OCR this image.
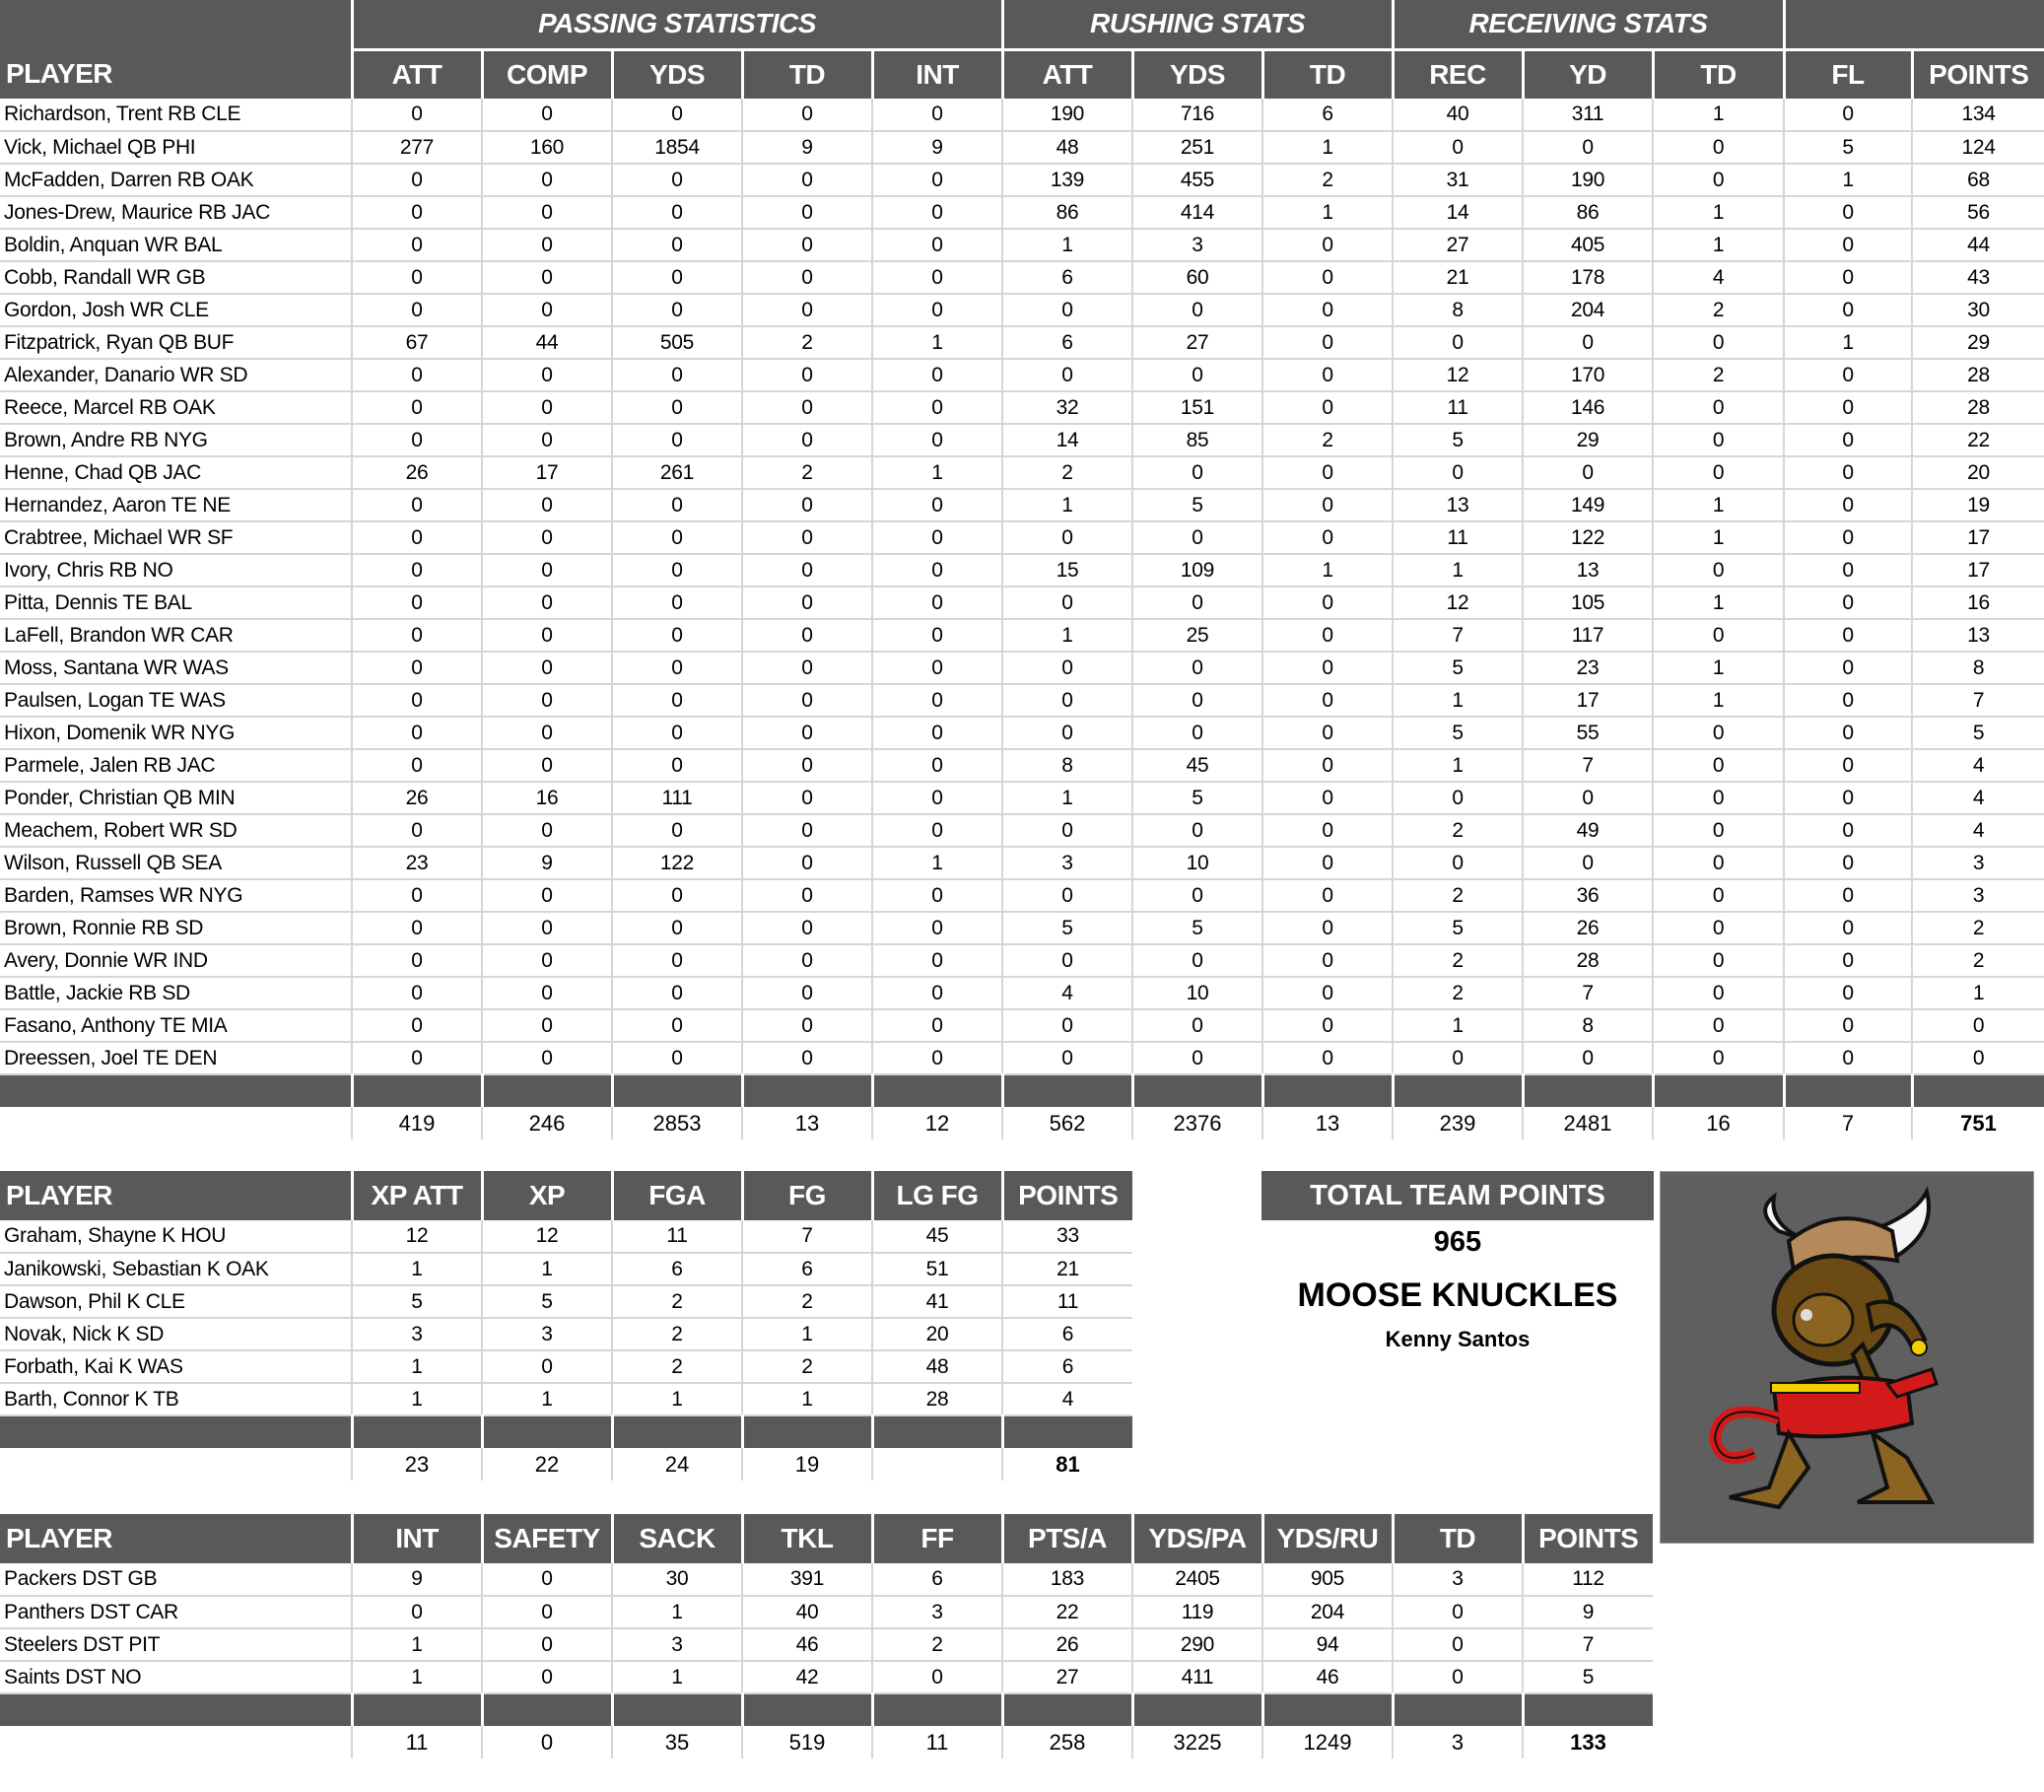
	PASSING STATISTICS					RUSHING STATS			RECEIVING STATS				
PLAYER	ATT	COMP	YDS	TD	INT	ATT	YDS	TD	REC	YD	TD	FL	POINTS
Richardson, Trent RB CLE	0	0	0	0	0	190	716	6	40	311	1	0	134
Vick, Michael QB PHI	277	160	1854	9	9	48	251	1	0	0	0	5	124
McFadden, Darren RB OAK	0	0	0	0	0	139	455	2	31	190	0	1	68
Jones-Drew, Maurice RB JAC	0	0	0	0	0	86	414	1	14	86	1	0	56
Boldin, Anquan WR BAL	0	0	0	0	0	1	3	0	27	405	1	0	44
Cobb, Randall WR GB	0	0	0	0	0	6	60	0	21	178	4	0	43
Gordon, Josh WR CLE	0	0	0	0	0	0	0	0	8	204	2	0	30
Fitzpatrick, Ryan QB BUF	67	44	505	2	1	6	27	0	0	0	0	1	29
Alexander, Danario WR SD	0	0	0	0	0	0	0	0	12	170	2	0	28
Reece, Marcel RB OAK	0	0	0	0	0	32	151	0	11	146	0	0	28
Brown, Andre RB NYG	0	0	0	0	0	14	85	2	5	29	0	0	22
Henne, Chad QB JAC	26	17	261	2	1	2	0	0	0	0	0	0	20
Hernandez, Aaron TE NE	0	0	0	0	0	1	5	0	13	149	1	0	19
Crabtree, Michael WR SF	0	0	0	0	0	0	0	0	11	122	1	0	17
Ivory, Chris RB NO	0	0	0	0	0	15	109	1	1	13	0	0	17
Pitta, Dennis TE BAL	0	0	0	0	0	0	0	0	12	105	1	0	16
LaFell, Brandon WR CAR	0	0	0	0	0	1	25	0	7	117	0	0	13
Moss, Santana WR WAS	0	0	0	0	0	0	0	0	5	23	1	0	8
Paulsen, Logan TE WAS	0	0	0	0	0	0	0	0	1	17	1	0	7
Hixon, Domenik WR NYG	0	0	0	0	0	0	0	0	5	55	0	0	5
Parmele, Jalen RB JAC	0	0	0	0	0	8	45	0	1	7	0	0	4
Ponder, Christian QB MIN	26	16	111	0	0	1	5	0	0	0	0	0	4
Meachem, Robert WR SD	0	0	0	0	0	0	0	0	2	49	0	0	4
Wilson, Russell QB SEA	23	9	122	0	1	3	10	0	0	0	0	0	3
Barden, Ramses WR NYG	0	0	0	0	0	0	0	0	2	36	0	0	3
Brown, Ronnie RB SD	0	0	0	0	0	5	5	0	5	26	0	0	2
Avery, Donnie WR IND	0	0	0	0	0	0	0	0	2	28	0	0	2
Battle, Jackie RB SD	0	0	0	0	0	4	10	0	2	7	0	0	1
Fasano, Anthony TE MIA	0	0	0	0	0	0	0	0	1	8	0	0	0
Dreessen, Joel TE DEN	0	0	0	0	0	0	0	0	0	0	0	0	0

	419	246	2853	13	12	562	2376	13	239	2481	16	7	751
PLAYER	XP ATT	XP	FGA	FG	LG FG	POINTS
Graham, Shayne K HOU	12	12	11	7	45	33
Janikowski, Sebastian K OAK	1	1	6	6	51	21
Dawson, Phil K CLE	5	5	2	2	41	11
Novak, Nick K SD	3	3	2	1	20	6
Forbath, Kai K WAS	1	0	2	2	48	6
Barth, Connor K TB	1	1	1	1	28	4

	23	22	24	19		81
TOTAL TEAM POINTS
965
MOOSE KNUCKLES
Kenny Santos
PLAYER	INT	SAFETY	SACK	TKL	FF	PTS/A	YDS/PA	YDS/RU	TD	POINTS
Packers DST GB	9	0	30	391	6	183	2405	905	3	112
Panthers DST CAR	0	0	1	40	3	22	119	204	0	9
Steelers DST PIT	1	0	3	46	2	26	290	94	0	7
Saints DST NO	1	0	1	42	0	27	411	46	0	5

	11	0	35	519	11	258	3225	1249	3	133
